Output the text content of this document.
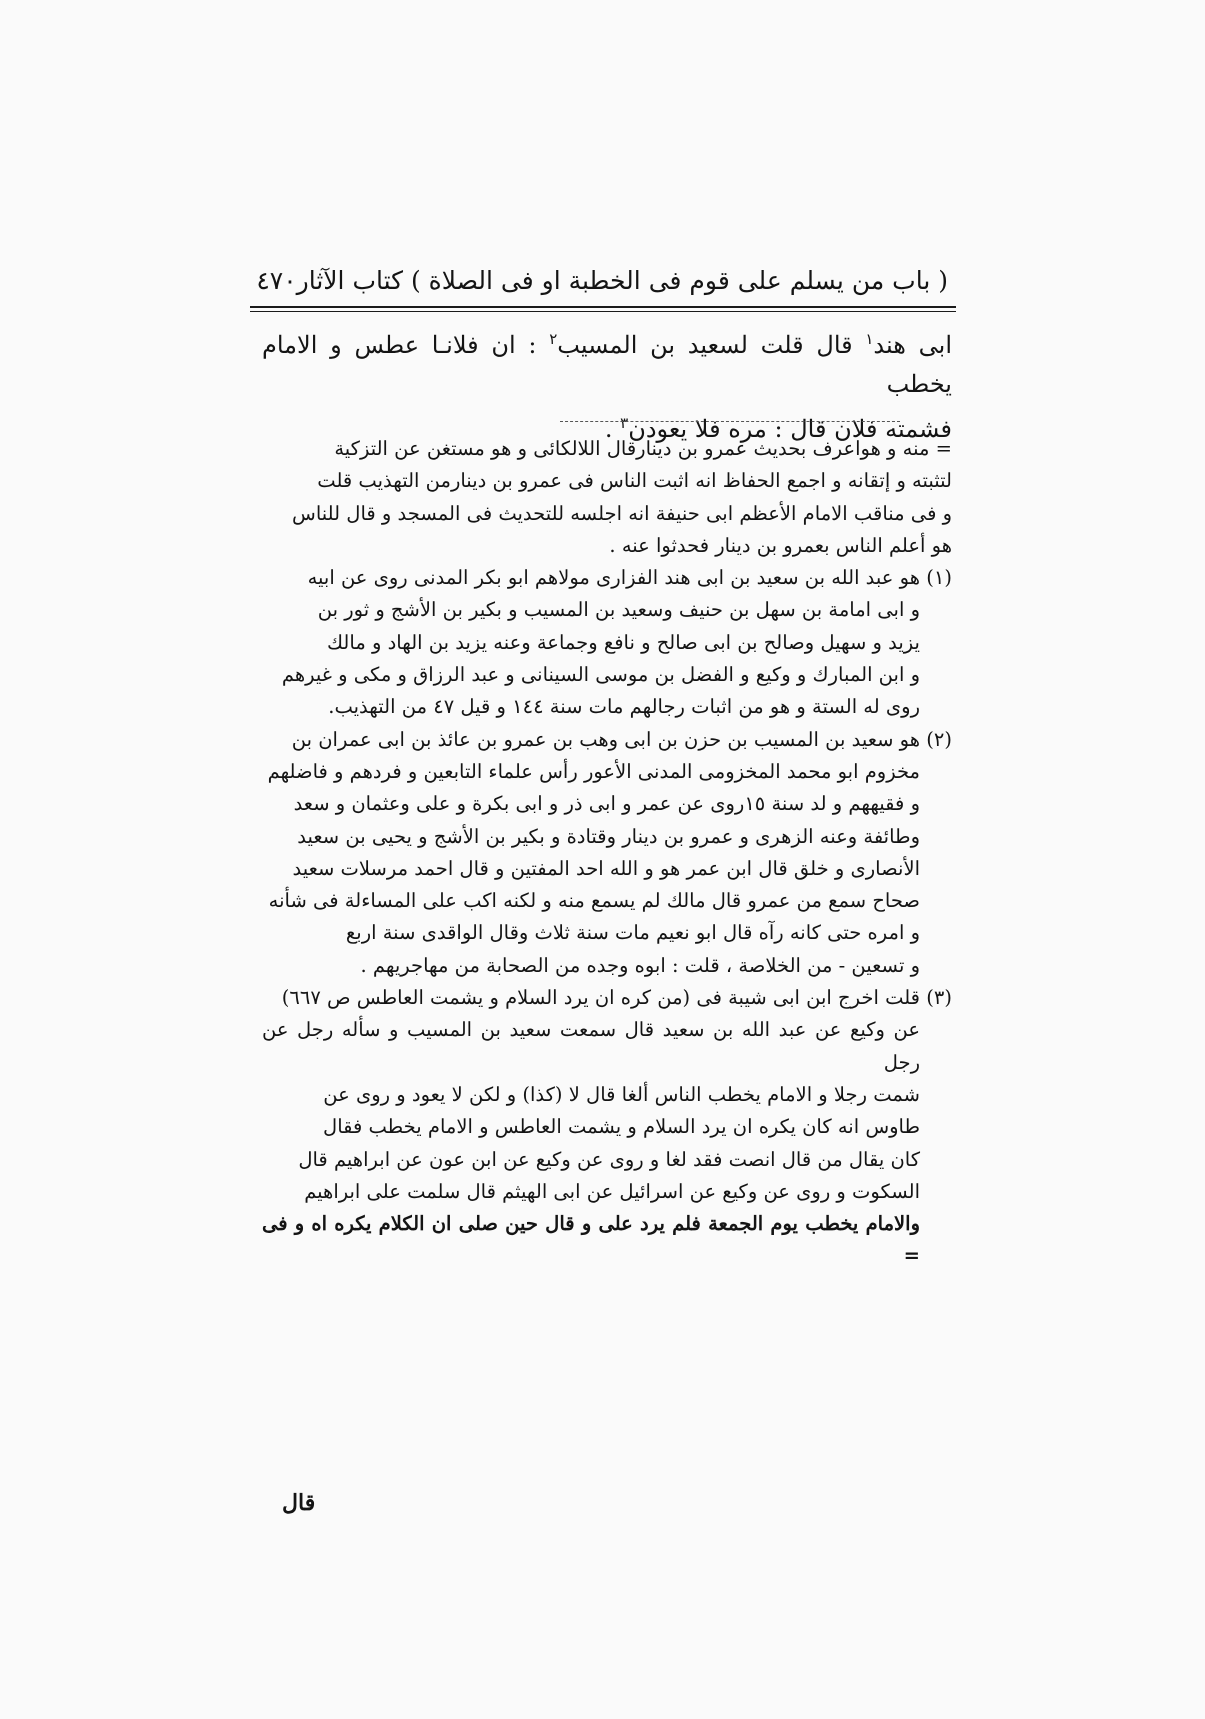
( باب من يسلم على قوم فى الخطبة او فى الصلاة ) كتاب الآثار
٤٧٠

ابى هند$^١$ قال قلت لسعيد بن المسيب$^٢$ : ان فلانـا عطس و الامام يخطب

فشمته فلان قال : مره فلا يعودن$^٣$ .

= منه و هواعرف بحديث عمرو بن دينارقال اللالكائى و هو مستغن عن التزكية

لتثبته و إتقانه و اجمع الحفاظ انه اثبت الناس فى عمرو بن دينارمن التهذيب قلت

و فى مناقب الامام الأعظم ابى حنيفة انه اجلسه للتحديث فى المسجد و قال للناس

هو أعلم الناس بعمرو بن دينار فحدثوا عنه .

(١)

هو عبد الله بن سعيد بن ابى هند الفزارى مولاهم ابو بكر المدنى روى عن ابيه

و ابى امامة بن سهل بن حنيف وسعيد بن المسيب و بكير بن الأشج و ثور بن

يزيد و سهيل وصالح بن ابى صالح و نافع وجماعة وعنه يزيد بن الهاد و مالك

و ابن المبارك و وكيع و الفضل بن موسى السينانى و عبد الرزاق و مكى و غيرهم

روى له الستة و هو من اثبات رجالهم مات سنة ١٤٤ و قيل ٤٧ من التهذيب.

(٢)

هو سعيد بن المسيب بن حزن بن ابى وهب بن عمرو بن عائذ بن ابى عمران بن

مخزوم ابو محمد المخزومى المدنى الأعور رأس علماء التابعين و فردهم و فاضلهم

و فقيههم و لد سنة ١٥روى عن عمر و ابى ذر و ابى بكرة و على وعثمان و سعد

وطائفة وعنه الزهرى و عمرو بن دينار وقتادة و بكير بن الأشج و يحيى بن سعيد

الأنصارى و خلق قال ابن عمر هو و الله احد المفتين و قال احمد مرسلات سعيد

صحاح سمع من عمرو قال مالك لم يسمع منه و لكنه اكب على المساءلة فى شأنه

و امره حتى كانه رآه قال ابو نعيم مات سنة ثلاث وقال الواقدى سنة اربع

و تسعين - من الخلاصة ، قلت : ابوه وجده من الصحابة من مهاجريهم .

(٣)

قلت اخرج ابن ابى شيبة فى (من كره ان يرد السلام و يشمت العاطس ص ٦٦٧)

عن وكيع عن عبد الله بن سعيد قال سمعت سعيد بن المسيب و سأله رجل عن رجل

شمت رجلا و الامام يخطب الناس ألغا قال لا (كذا) و لكن لا يعود و روى عن

طاوس انه كان يكره ان يرد السلام و يشمت العاطس و الامام يخطب فقال

كان يقال من قال انصت فقد لغا و روى عن وكيع عن ابن عون عن ابراهيم قال

السكوت و روى عن وكيع عن اسرائيل عن ابى الهيثم قال سلمت على ابراهيم

والامام يخطب يوم الجمعة فلم يرد على و قال حين صلى ان الكلام يكره اه و فى =

قال
